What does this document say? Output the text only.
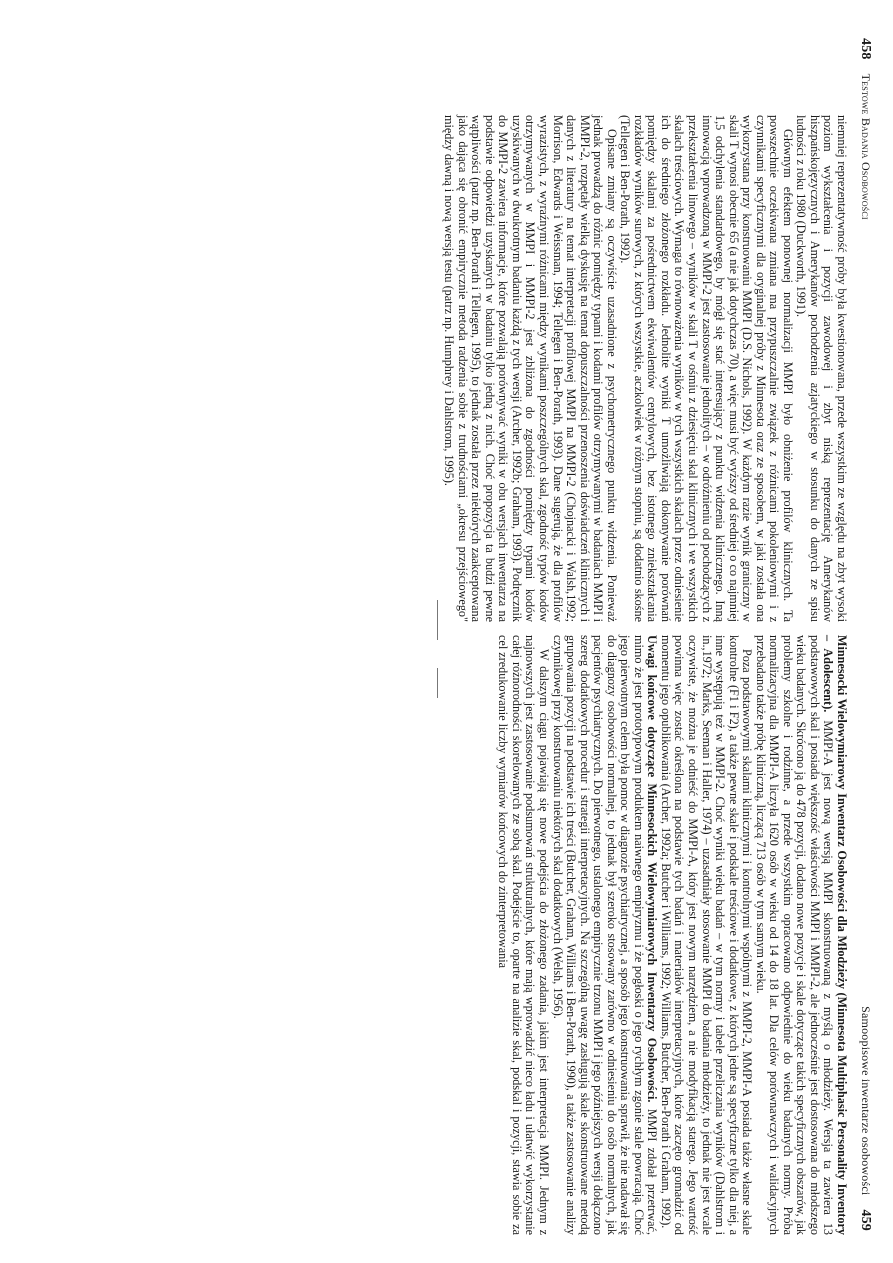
458Testowe Badania Osobowości

niemniej reprezentatywność próby była kwestionowana, przede wszystkim ze względu na zbyt wysoki poziom wykształcenia i pozycji zawodowej i zbyt niską reprezentację Amerykanów hiszpańskojęzycznych i Amerykanów pochodzenia azjatyckiego w stosunku do danych ze spisu ludności z roku 1980 (Duckworth, 1991).

Głównym efektem ponownej normalizacji MMPI było obniżenie profilów klinicznych. Ta powszechnie oczekiwana zmiana ma przypuszczalnie związek z różnicami pokoleniowymi i z czynnikami specyficznymi dla oryginalnej próby z Minnesota oraz ze sposobem, w jaki została ona wykorzystana przy konstruowaniu MMPI (D.S. Nichols, 1992). W każdym razie wynik graniczny w skali T wynosi obecnie 65 (a nie jak dotychczas 70), a więc musi być wyższy od średniej o co najmniej 1,5 odchylenia standardowego, by mógł się stać interesujący z punktu widzenia klinicznego. Inną innowacją wprowadzoną w MMPI-2 jest zastosowanie jednolitych – w odróżnieniu od pochodzących z przekształcenia linowego – wyników w skali T w ośmiu z dziesięciu skal klinicznych i we wszystkich skalach treściowych. Wymaga to równoważenia wyników w tych wszystkich skalach przez odniesienie ich do średniego złożonego rozkładu. Jednolite wyniki T umożliwiają dokonywanie porównań pomiędzy skalami za pośrednictwem ekwiwalentów centylowych, bez istotnego zniekształcania rozkładów wyników surowych, z których wszystkie, aczkolwiek w różnym stopniu, są dodatnio skośne (Tellegen i Ben-Porath, 1992).

Opisane zmiany są oczywiście uzasadnione z psychometrycznego punktu widzenia. Ponieważ jednak prowadzą do różnic pomiędzy typami i kodami profilów otrzymywanymi w badaniach MMPI i MMPI-2, rozpętały wielką dyskusję na temat dopuszczalności przenoszenia doświadczeń klinicznych i danych z literatury na temat interpretacji profilowej MMPI na MMPI-2 (Chojnacki i Walsh,1992; Morrison, Edwards i Weissman, 1994; Tellegen i Ben-Porath, 1993). Dane sugerują, że dla profilów wyrazistych, z wyraźnymi różnicami między wynikami poszczególnych skal, zgodność typów kodów otrzymywanych w MMPI i MMPI-2 jest zbliżona do zgodności pomiędzy typami kodów uzyskiwanych w dwukrotnym badaniu każdą z tych wersji (Archer, 1992b; Graham, 1993). Podręcznik do MMPI-2 zawiera informacje, które pozwalają porównywać wyniki w obu wersjach inwentarza na podstawie odpowiedzi uzyskanych w badaniu tylko jedną z nich. Choć propozycja ta budzi pewne wątpliwości (patrz np. Ben-Porath i Tellegen, 1995), to jednak została przez niektórych zaakceptowana jako dająca się obronić empirycznie metoda radzenia sobie z trudnościami „okresu przejściowego" między dawną i nową wersją testu (patrz np. Humphrey i Dahlstrom, 1995).

Samoopisowe inwentarze osobowości459

Minnesocki Wielowymiarowy Inwentarz Osobowości dla Młodzieży (Minnesota Multiphasic Personality Inventory – Adolescent). MMPI-A jest nową wersją MMPI skonstruowaną z myślą o młodzieży. Wersja ta zawiera 13 podstawowych skal i posiada większość właściwości MMPI i MMPI-2, ale jednocześnie jest dostosowana do młodszego wieku badanych. Skrócono ją do 478 pozycji, dodano nowe pozycje i skale dotyczące takich specyficznych obszarów, jak problemy szkolne i rodzinne, a przede wszystkim opracowano odpowiednie do wieku badanych normy. Próba normalizacyjna dla MMPI-A liczyła 1620 osób w wieku od 14 do 18 lat. Dla celów porównawczych i walidacyjnych przebadano także próbę kliniczną, liczącą 713 osób w tym samym wieku.

Poza podstawowymi skalami klinicznymi i kontrolnymi wspólnymi z MMPI-2, MMPI-A posiada także własne skale kontrolne (F1 i F2), a także pewne skale i podskale treściowe i dodatkowe, z których jedne są specyficzne tylko dla niej, a inne występują też w MMPI-2. Choć wyniki wieku badań – w tym normy i tabele przeliczania wyników (Dahlstrom i in.,1972; Marks, Seeman i Haller, 1974) – uzasadniały stosowanie MMPI do badania młodzieży, to jednak nie jest wcale oczywiste, że można je odnieść do MMPI-A, który jest nowym narzędziem, a nie modyfikacją starego. Jego wartość powinna więc zostać określona na podstawie tych badań i materiałów interpretacyjnych, które zaczęto gromadzić od momentu jego opublikowania (Archer, 1992a; Butcher i Williams, 1992; Williams, Butcher, Ben-Porath i Graham, 1992).

Uwagi końcowe dotyczące Minnesockich Wielowymiarowych Inwentarzy Osobowości. MMPI zdołał przetrwać, mimo że jest prototypowym produktem naiwnego empiryzmu i że pogłoski o jego rychłym zgonie stale powracają. Choć jego pierwotnym celem była pomoc w diagnozie psychiatrycznej, a sposób jego konstruowania sprawił, że nie nadawał się do diagnozy osobowości normalnej, to jednak był szeroko stosowany zarówno w odniesieniu do osób normalnych, jak pacjentów psychiatrycznych. Do pierwotnego, ustalonego empirycznie trzonu MMPI i jego późniejszych wersji dołączono szereg dodatkowych procedur i strategii interpretacyjnych. Na szczególną uwagę zasługują skale skonstruowane metodą grupowania pozycji na podstawie ich treści (Butcher, Graham, Williams i Ben-Porath, 1990), a także zastosowanie analizy czynnikowej przy konstruowaniu niektórych skal dodatkowych (Welsh, 1956).

W dalszym ciągu pojawiają się nowe podejścia do złożonego zadania, jakim jest interpretacja MMPI. Jednym z najnowszych jest zastosowanie podsumowań strukturalnych, które mają wprowadzić nieco ładu i ułatwić wykorzystanie całej różnorodności skorelowanych ze sobą skal. Podejście to, oparte na analizie skal, podskal i pozycji, stawia sobie za cel zredukowanie liczby wymiarów końcowych do zinterpretowania
